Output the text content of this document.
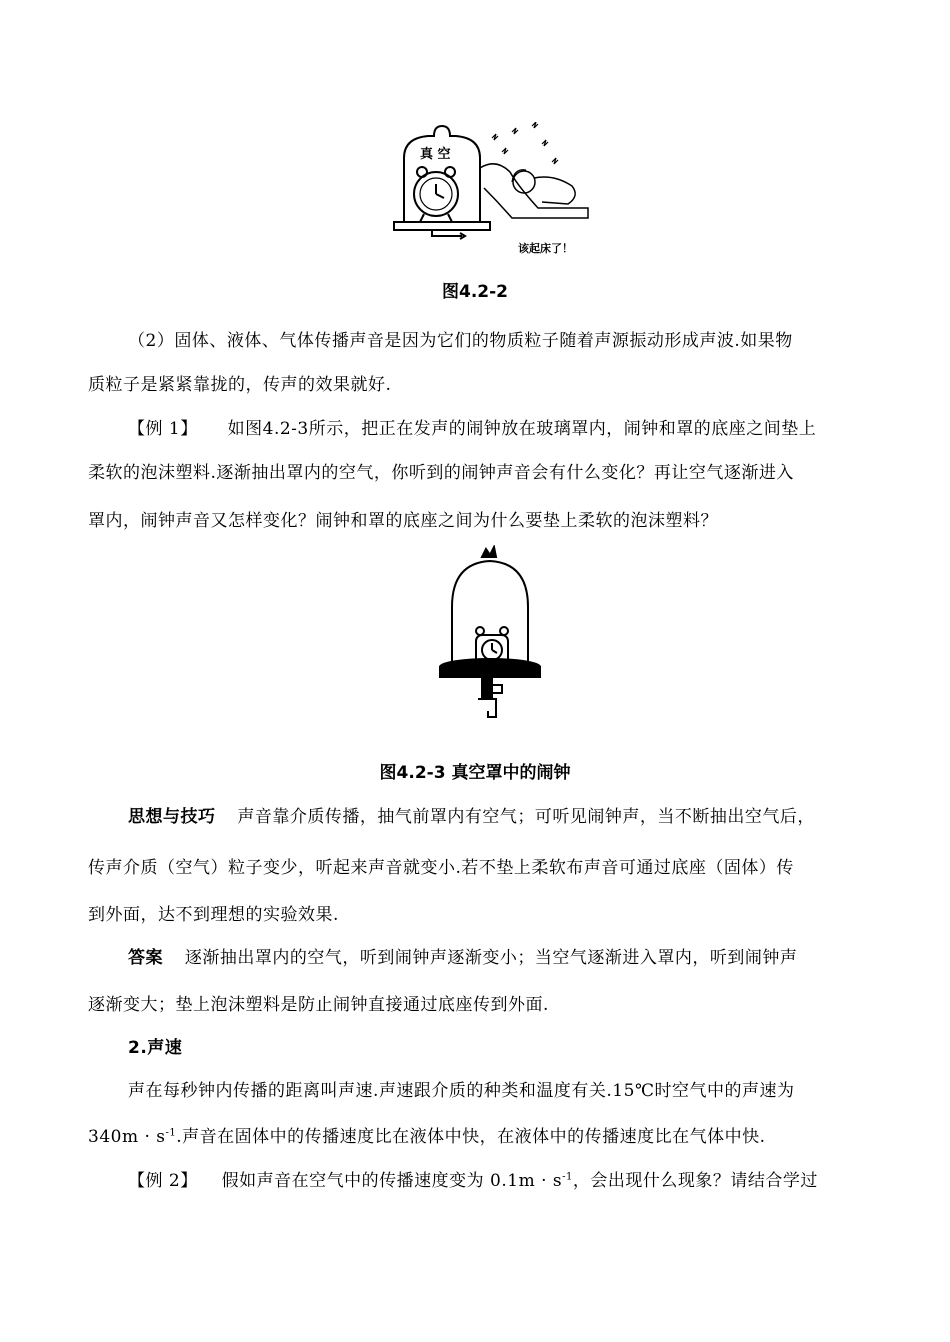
真 空
该起床了！
图4.2-2
（2）固体、液体、气体传播声音是因为它们的物质粒子随着声源振动形成声波.如果物
质粒子是紧紧靠拢的，传声的效果就好.
【例 1】 如图4.2-3所示，把正在发声的闹钟放在玻璃罩内，闹钟和罩的底座之间垫上
柔软的泡沫塑料.逐渐抽出罩内的空气，你听到的闹钟声音会有什么变化？再让空气逐渐进入
罩内，闹钟声音又怎样变化？闹钟和罩的底座之间为什么要垫上柔软的泡沫塑料？
图4.2-3 真空罩中的闹钟
思想与技巧 声音靠介质传播，抽气前罩内有空气；可听见闹钟声，当不断抽出空气后，
传声介质（空气）粒子变少，听起来声音就变小.若不垫上柔软布声音可通过底座（固体）传
到外面，达不到理想的实验效果.
答案 逐渐抽出罩内的空气，听到闹钟声逐渐变小；当空气逐渐进入罩内，听到闹钟声
逐渐变大；垫上泡沫塑料是防止闹钟直接通过底座传到外面.
2.声速
声在每秒钟内传播的距离叫声速.声速跟介质的种类和温度有关.15℃时空气中的声速为
$340m \cdot s^{-1}$.声音在固体中的传播速度比在液体中快，在液体中的传播速度比在气体中快.
【例 2】 假如声音在空气中的传播速度变为 $0.1m \cdot s^{-1}$，会出现什么现象？请结合学过
